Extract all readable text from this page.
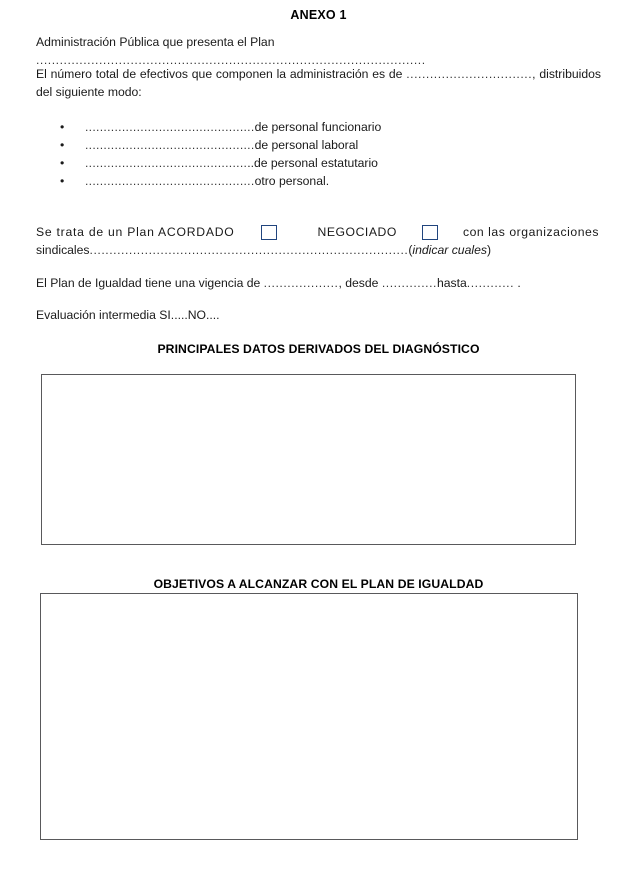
ANEXO 1
Administración Pública que presenta el Plan ...................................................................................................
El número total de efectivos que componen la administración es de ................................, distribuidos del siguiente modo:
• ..............................................de personal funcionario
• ..............................................de personal laboral
• ..............................................de personal estatutario
• ..............................................otro personal.
Se trata de un Plan ACORDADO	NEGOCIADO	con las organizaciones
sindicales.................................................................................(indicar cuales)
El Plan de Igualdad tiene una vigencia de ..................., desde ..............hasta............ .
Evaluación intermedia SI.....NO....
PRINCIPALES DATOS DERIVADOS DEL DIAGNÓSTICO
OBJETIVOS A ALCANZAR CON EL PLAN DE IGUALDAD
